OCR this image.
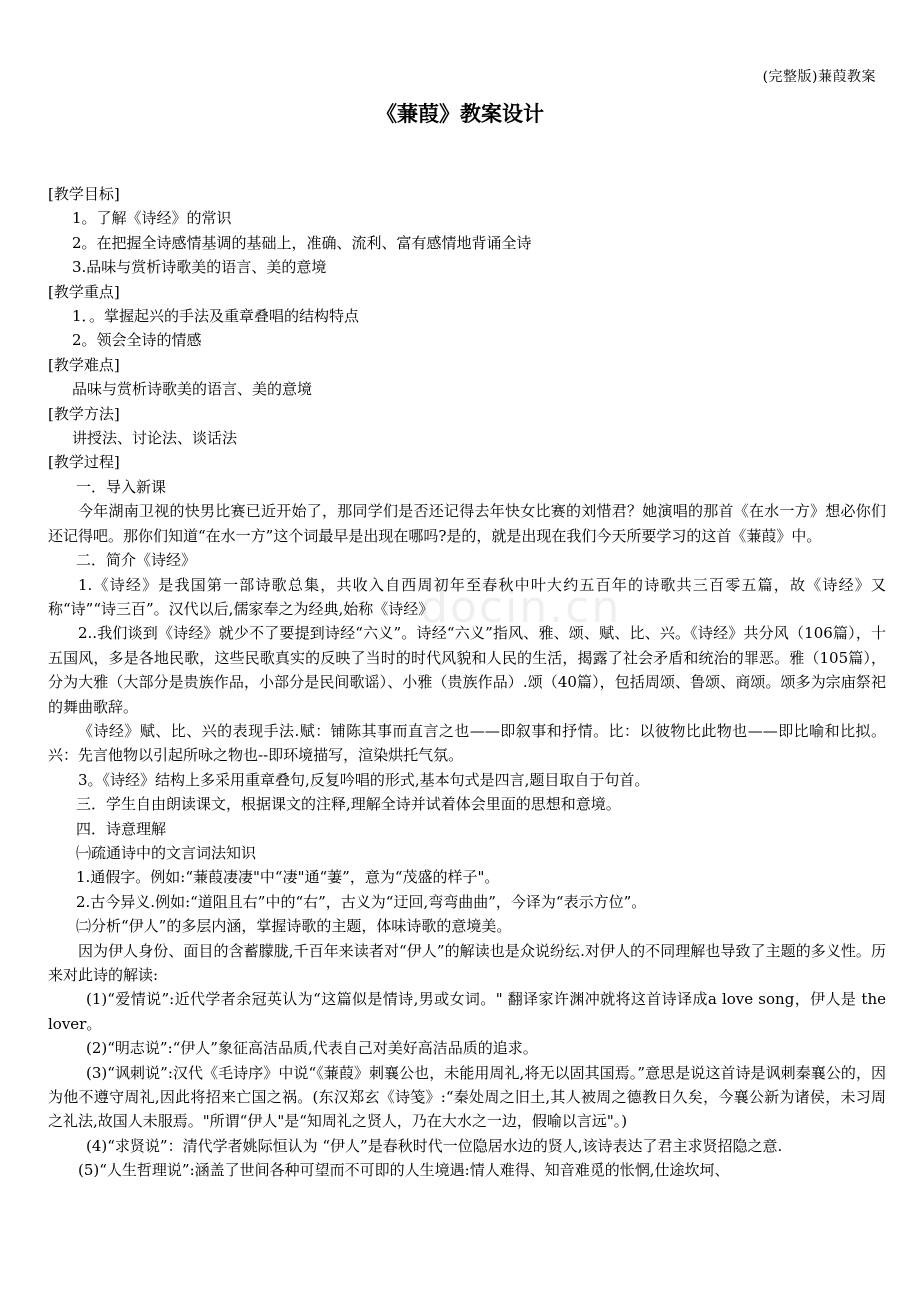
(完整版)蒹葭教案
《蒹葭》教案设计
docin.cn

[教学目标]

1。了解《诗经》的常识

2。在把握全诗感情基调的基础上，准确、流利、富有感情地背诵全诗

3.品味与赏析诗歌美的语言、美的意境

[教学重点]

1．。掌握起兴的手法及重章叠唱的结构特点

2。领会全诗的情感

[教学难点]

品味与赏析诗歌美的语言、美的意境

[教学方法]

讲授法、讨论法、谈话法

[教学过程]

一．导入新课

今年湖南卫视的快男比赛已近开始了，那同学们是否还记得去年快女比赛的刘惜君？她演唱的那首《在水一方》想必你们还记得吧。那你们知道“在水一方”这个词最早是出现在哪吗?是的，就是出现在我们今天所要学习的这首《蒹葭》中。

二．简介《诗经》

1.《诗经》是我国第一部诗歌总集，共收入自西周初年至春秋中叶大约五百年的诗歌共三百零五篇，故《诗经》又称“诗”“诗三百”。汉代以后,儒家奉之为经典,始称《诗经》

2..我们谈到《诗经》就少不了要提到诗经“六义”。诗经“六义”指风、雅、颂、赋、比、兴。《诗经》共分风（106篇），十五国风，多是各地民歌，这些民歌真实的反映了当时的时代风貌和人民的生活，揭露了社会矛盾和统治的罪恶。雅（105篇），分为大雅（大部分是贵族作品，小部分是民间歌谣）、小雅（贵族作品）.颂（40篇），包括周颂、鲁颂、商颂。颂多为宗庙祭祀的舞曲歌辞。

《诗经》赋、比、兴的表现手法.赋：铺陈其事而直言之也——即叙事和抒情。比：以彼物比此物也——即比喻和比拟。兴：先言他物以引起所咏之物也--即环境描写，渲染烘托气氛。

3。《诗经》结构上多采用重章叠句,反复吟唱的形式,基本句式是四言,题目取自于句首。

三．学生自由朗读课文，根据课文的注释,理解全诗并试着体会里面的思想和意境。

四．诗意理解

㈠疏通诗中的文言词法知识

1.通假字。例如:“蒹葭凄凄"中“凄"通“萋”，意为“茂盛的样子"。

2.古今异义.例如:“道阻且右”中的“右”，古义为“迂回,弯弯曲曲”，今译为“表示方位”。

㈡分析“伊人”的多层内涵，掌握诗歌的主题，体味诗歌的意境美。

因为伊人身份、面目的含蓄朦胧,千百年来读者对“伊人”的解读也是众说纷纭.对伊人的不同理解也导致了主题的多义性。历来对此诗的解读:

(1)“爱情说”:近代学者余冠英认为“这篇似是情诗,男或女词。" 翻译家许渊冲就将这首诗译成a love song，伊人是 the lover。

(2)“明志说”:“伊人”象征高洁品质,代表自己对美好高洁品质的追求。

(3)“讽刺说”:汉代《毛诗序》中说“《蒹葭》刺襄公也，未能用周礼,将无以固其国焉。”意思是说这首诗是讽刺秦襄公的，因为他不遵守周礼,因此将招来亡国之祸。(东汉郑玄《诗笺》:“秦处周之旧土,其人被周之德教日久矣，今襄公新为诸侯，未习周之礼法,故国人未服焉。"所谓“伊人"是“知周礼之贤人，乃在大水之一边，假喻以言远"。)

(4)“求贤说”：清代学者姚际恒认为 “伊人”是春秋时代一位隐居水边的贤人,该诗表达了君主求贤招隐之意.

(5)“人生哲理说”:涵盖了世间各种可望而不可即的人生境遇:情人难得、知音难觅的怅惘,仕途坎坷、
